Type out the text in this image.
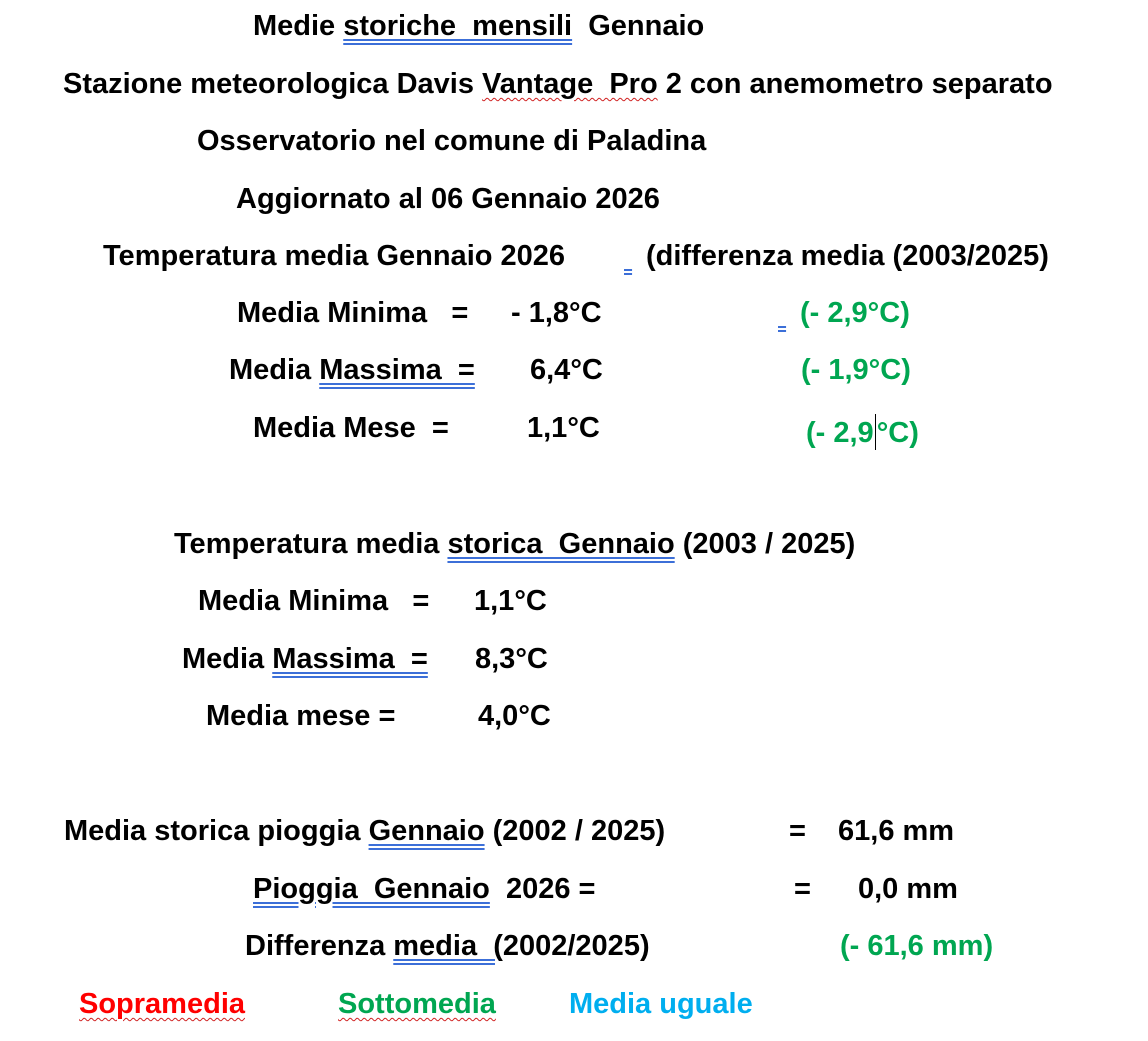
Medie storiche  mensili  Gennaio
Stazione meteorologica Davis Vantage  Pro 2 con anemometro separato
Osservatorio nel comune di Paladina
Aggiornato al 06 Gennaio 2026
Temperatura media Gennaio 2026	(differenza media (2003/2025)
Media Minima   = - 1,8°C	(- 2,9°C)
Media Massima  = 6,4°C	(- 1,9°C)
Media Mese  =	1,1°C	(- 2,9 °C)
Temperatura media storica  Gennaio (2003 / 2025)
Media Minima   = 1,1°C
Media Massima  = 8,3°C
Media mese =	4,0°C
Media storica pioggia Gennaio (2002 / 2025)	= 61,6 mm
Pioggia  Gennaio  2026 =	= 0,0 mm
Differenza media  (2002/2025)	(- 61,6 mm)
Sopramedia	Sottomedia	Media uguale
